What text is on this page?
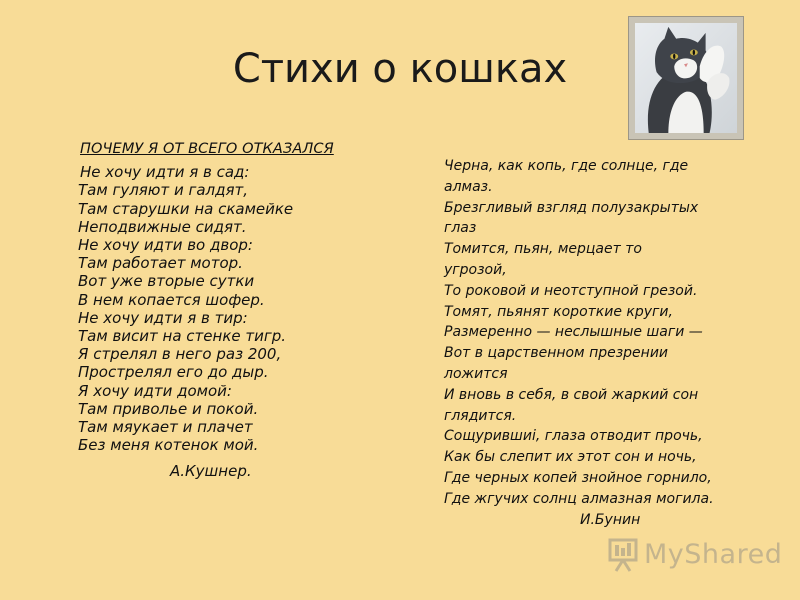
Стихи о кошках
ПОЧЕМУ Я ОТ ВСЕГО ОТКАЗАЛСЯ
Не хочу идти я в сад:
Там гуляют и галдят,
Там старушки на скамейке
Неподвижные сидят.
Не хочу идти во двор:
Там работает мотор.
Вот уже вторые сутки
В нем копается шофер.
Не хочу идти я в тир:
Там висит на стенке тигр.
Я стрелял в него раз 200,
Прострелял его до дыр.
Я хочу идти домой:
Там приволье и покой.
Там мяукает и плачет
Без меня котенок мой.
А.Кушнер.
Черна, как копь, где солнце, где
алмаз.
Брезгливый взгляд полузакрытых
глаз
Томится, пьян, мерцает то
угрозой,
То роковой и неотступной грезой.
Томят, пьянят короткие круги,
Размеренно — неслышные шаги —
Вот в царственном презрении
ложится
И вновь в себя, в свой жаркий сон
глядится.
Сощурившиi, глаза отводит прочь,
Как бы слепит их этот сон и ночь,
Где черных копей знойное горнило,
Где жгучих солнц алмазная могила.
И.Бунин
MyShared
